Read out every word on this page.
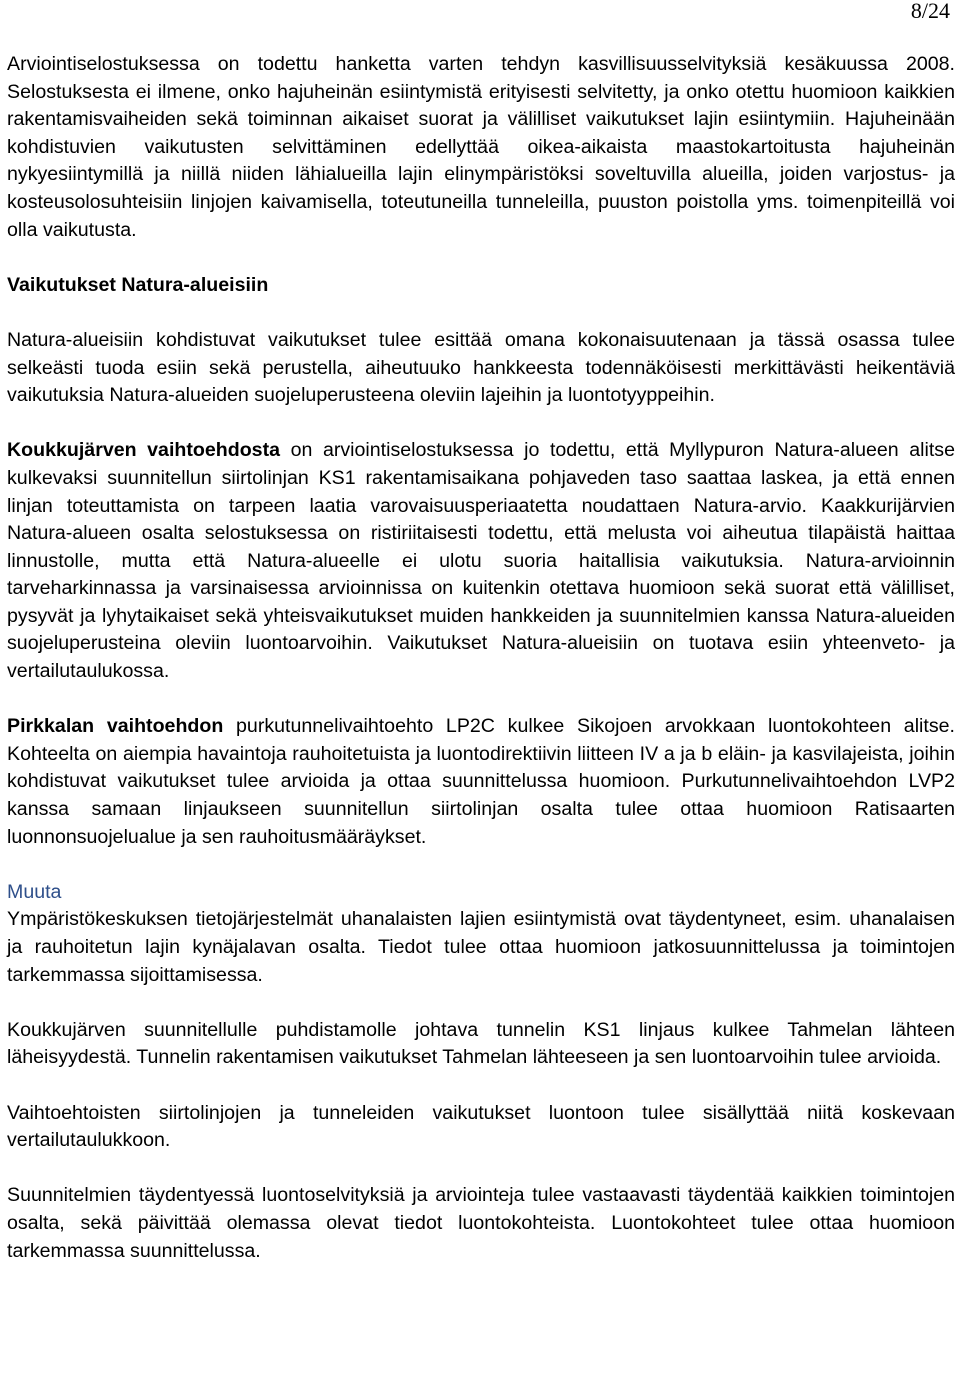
8/24

Arviointiselostuksessa on todettu hanketta varten tehdyn kasvillisuusselvityksiä kesäkuussa 2008. Selostuksesta ei ilmene, onko hajuheinän esiintymistä erityisesti selvitetty, ja onko otettu huomioon kaikkien rakentamisvaiheiden sekä toiminnan aikaiset suorat ja välilliset vaikutukset lajin esiintymiin. Hajuheinään kohdistuvien vaikutusten selvittäminen edellyttää oikea-aikaista maastokartoitusta hajuheinän nykyesiintymillä ja niillä niiden lähialueilla lajin elinympäristöksi soveltuvilla alueilla, joiden varjostus- ja kosteusolosuhteisiin linjojen kaivamisella, toteutuneilla tunneleilla, puuston poistolla yms. toimenpiteillä voi olla vaikutusta.

Vaikutukset Natura-alueisiin

Natura-alueisiin kohdistuvat vaikutukset tulee esittää omana kokonaisuutenaan ja tässä osassa tulee selkeästi tuoda esiin sekä perustella, aiheutuuko hankkeesta todennäköisesti merkittävästi heikentäviä vaikutuksia Natura-alueiden suojeluperusteena oleviin lajeihin ja luontotyyppeihin.

Koukkujärven vaihtoehdosta on arviointiselostuksessa jo todettu, että Myllypuron Natura-alueen alitse kulkevaksi suunnitellun siirtolinjan KS1 rakentamisaikana pohjaveden taso saattaa laskea, ja että ennen linjan toteuttamista on tarpeen laatia varovaisuusperiaatetta noudattaen Natura-arvio. Kaakkurijärvien Natura-alueen osalta selostuksessa on ristiriitaisesti todettu, että melusta voi aiheutua tilapäistä haittaa linnustolle, mutta että Natura-alueelle ei ulotu suoria haitallisia vaikutuksia. Natura-arvioinnin tarveharkinnassa ja varsinaisessa arvioinnissa on kuitenkin otettava huomioon sekä suorat että välilliset, pysyvät ja lyhytaikaiset sekä yhteisvaikutukset muiden hankkeiden ja suunnitelmien kanssa Natura-alueiden suojeluperusteina oleviin luontoarvoihin. Vaikutukset Natura-alueisiin on tuotava esiin yhteenveto- ja vertailutaulukossa.

Pirkkalan vaihtoehdon purkutunnelivaihtoehto LP2C kulkee Sikojoen arvokkaan luontokohteen alitse. Kohteelta on aiempia havaintoja rauhoitetuista ja luontodirektiivin liitteen IV a ja b eläin- ja kasvilajeista, joihin kohdistuvat vaikutukset tulee arvioida ja ottaa suunnittelussa huomioon. Purkutunnelivaihtoehdon LVP2 kanssa samaan linjaukseen suunnitellun siirtolinjan osalta tulee ottaa huomioon Ratisaarten luonnonsuojelualue ja sen rauhoitusmääräykset.

Muuta

Ympäristökeskuksen tietojärjestelmät uhanalaisten lajien esiintymistä ovat täydentyneet, esim. uhanalaisen ja rauhoitetun lajin kynäjalavan osalta. Tiedot tulee ottaa huomioon jatkosuunnittelussa ja toimintojen tarkemmassa sijoittamisessa.

Koukkujärven suunnitellulle puhdistamolle johtava tunnelin KS1 linjaus kulkee Tahmelan lähteen läheisyydestä. Tunnelin rakentamisen vaikutukset Tahmelan lähteeseen ja sen luontoarvoihin tulee arvioida.

Vaihtoehtoisten siirtolinjojen ja tunneleiden vaikutukset luontoon tulee sisällyttää niitä koskevaan vertailutaulukkoon.

Suunnitelmien täydentyessä luontoselvityksiä ja arviointeja tulee vastaavasti täydentää kaikkien toimintojen osalta, sekä päivittää olemassa olevat tiedot luontokohteista. Luontokohteet tulee ottaa huomioon tarkemmassa suunnittelussa.
